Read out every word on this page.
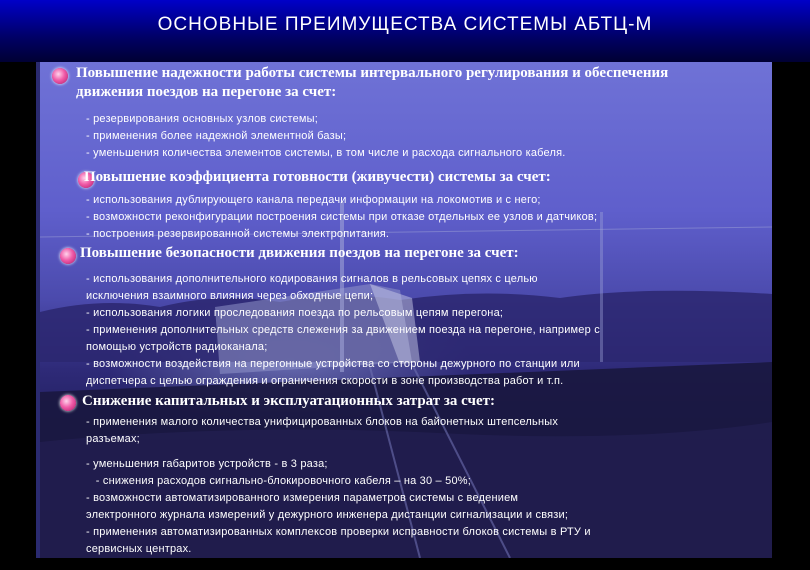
ОСНОВНЫЕ ПРЕИМУЩЕСТВА СИСТЕМЫ АБТЦ-М

Повышение надежности работы системы интервального регулирования и обеспечения движения поездов на перегоне за счет:

- резервирования основных узлов системы;
- применения более надежной элементной базы;
- уменьшения количества элементов системы, в том числе и расхода сигнального кабеля.

Повышение коэффициента готовности (живучести) системы за счет:

- использования дублирующего канала передачи информации на локомотив и с него;
- возможности реконфигурации построения системы при отказе отдельных ее узлов и датчиков;
- построения резервированной системы электропитания.

Повышение безопасности движения поездов на перегоне за счет:

- использования дополнительного кодирования сигналов в рельсовых цепях с целью
исключения взаимного влияния через обходные цепи;
- использования логики проследования поезда по рельсовым цепям перегона;
- применения дополнительных средств слежения за движением поезда на перегоне, например с
помощью устройств радиоканала;
- возможности воздействия на перегонные устройства со стороны дежурного по станции или
диспетчера с целью ограждения и ограничения скорости в зоне производства работ и т.п.

Снижение капитальных и эксплуатационных затрат за счет:

- применения малого количества унифицированных блоков на байонетных штепсельных
разъемах;
- уменьшения габаритов устройств - в 3 раза;
- снижения расходов сигнально-блокировочного кабеля – на 30 – 50%;
- возможности автоматизированного измерения параметров системы с ведением
электронного журнала измерений у дежурного инженера дистанции сигнализации и связи;
- применения автоматизированных комплексов проверки исправности блоков системы в РТУ и
сервисных центрах.
